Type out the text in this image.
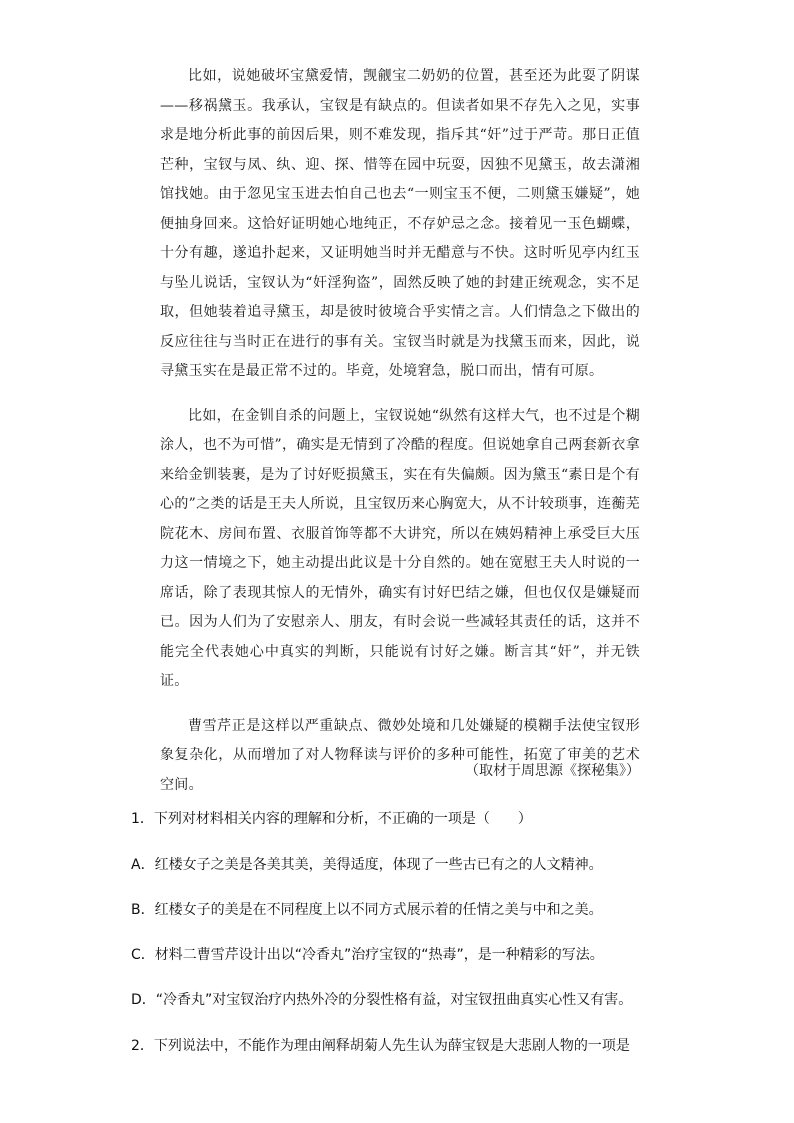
比如，说她破坏宝黛爱情，觊觎宝二奶奶的位置，甚至还为此耍了阴谋——移祸黛玉。我承认，宝钗是有缺点的。但读者如果不存先入之见，实事求是地分析此事的前因后果，则不难发现，指斥其“奸”过于严苛。那日正值芒种，宝钗与凤、纨、迎、探、惜等在园中玩耍，因独不见黛玉，故去潇湘馆找她。由于忽见宝玉进去怕自己也去“一则宝玉不便，二则黛玉嫌疑”，她便抽身回来。这恰好证明她心地纯正，不存妒忌之念。接着见一玉色蝴蝶，十分有趣，遂追扑起来，又证明她当时并无醋意与不快。这时听见亭内红玉与坠儿说话，宝钗认为“奸淫狗盗”，固然反映了她的封建正统观念，实不足取，但她装着追寻黛玉，却是彼时彼境合乎实情之言。人们情急之下做出的反应往往与当时正在进行的事有关。宝钗当时就是为找黛玉而来，因此，说寻黛玉实在是最正常不过的。毕竟，处境窘急，脱口而出，情有可原。

比如，在金钏自杀的问题上，宝钗说她“纵然有这样大气，也不过是个糊涂人，也不为可惜”，确实是无情到了冷酷的程度。但说她拿自己两套新衣拿来给金钏装裹，是为了讨好贬损黛玉，实在有失偏颇。因为黛玉“素日是个有心的”之类的话是王夫人所说，且宝钗历来心胸宽大，从不计较琐事，连蘅芜院花木、房间布置、衣服首饰等都不大讲究，所以在姨妈精神上承受巨大压力这一情境之下，她主动提出此议是十分自然的。她在宽慰王夫人时说的一席话，除了表现其惊人的无情外，确实有讨好巴结之嫌，但也仅仅是嫌疑而已。因为人们为了安慰亲人、朋友，有时会说一些减轻其责任的话，这并不能完全代表她心中真实的判断，只能说有讨好之嫌。断言其“奸”，并无铁证。

曹雪芹正是这样以严重缺点、微妙处境和几处嫌疑的模糊手法使宝钗形象复杂化，从而增加了对人物释读与评价的多种可能性，拓宽了审美的艺术空间。

（取材于周思源《探秘集》）

1．下列对材料相关内容的理解和分析，不正确的一项是（　　）

A．红楼女子之美是各美其美，美得适度，体现了一些古已有之的人文精神。

B．红楼女子的美是在不同程度上以不同方式展示着的任情之美与中和之美。

C．材料二曹雪芹设计出以“冷香丸”治疗宝钗的“热毒”，是一种精彩的写法。

D．“冷香丸”对宝钗治疗内热外冷的分裂性格有益，对宝钗扭曲真实心性又有害。

2．下列说法中，不能作为理由阐释胡菊人先生认为薛宝钗是大悲剧人物的一项是
